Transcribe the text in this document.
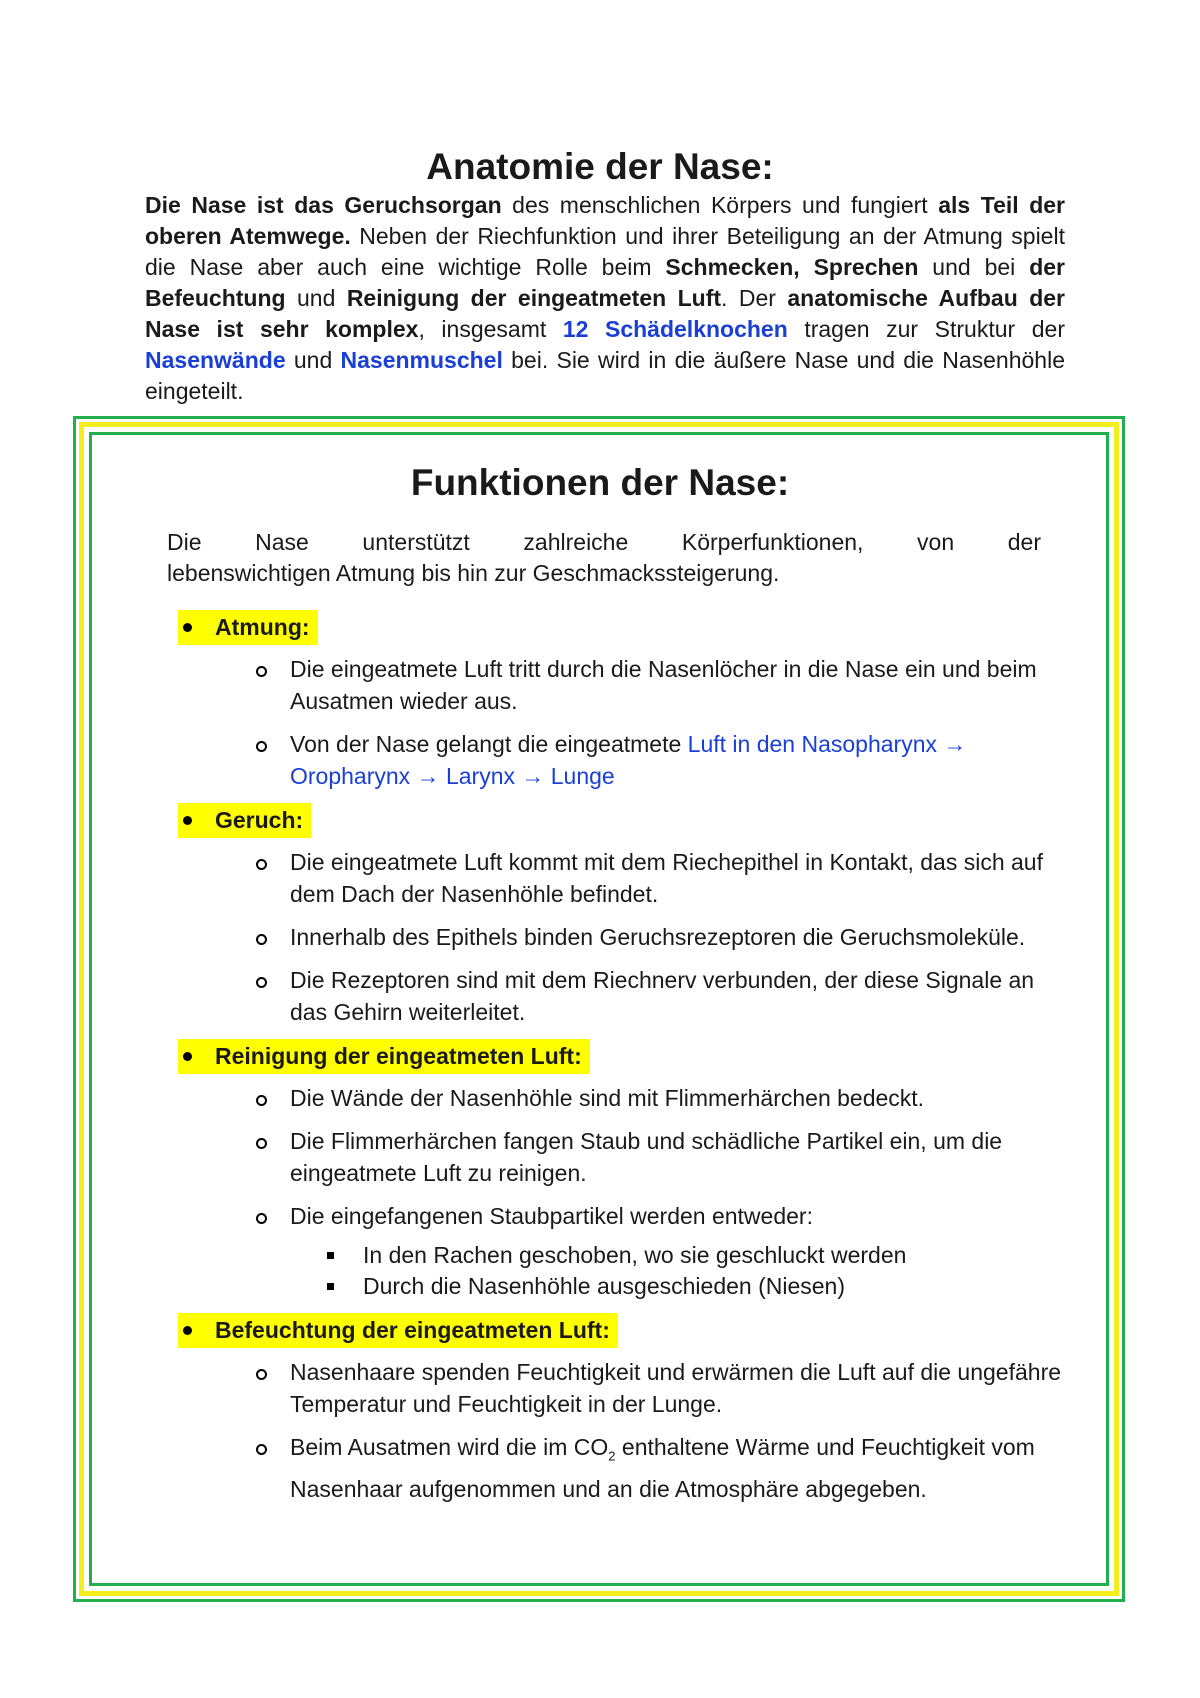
Anatomie der Nase:

Die Nase ist das Geruchsorgan des menschlichen Körpers und fungiert als Teil der oberen Atemwege. Neben der Riechfunktion und ihrer Beteiligung an der Atmung spielt die Nase aber auch eine wichtige Rolle beim Schmecken, Sprechen und bei der Befeuchtung und Reinigung der eingeatmeten Luft. Der anatomische Aufbau der Nase ist sehr komplex, insgesamt 12 Schädelknochen tragen zur Struktur der Nasenwände und Nasenmuschel bei. Sie wird in die äußere Nase und die Nasenhöhle eingeteilt.

Funktionen der Nase:

Die Nase unterstützt zahlreiche Körperfunktionen, von der
lebenswichtigen Atmung bis hin zur Geschmackssteigerung.

Atmung:
Die eingeatmete Luft tritt durch die Nasenlöcher in die Nase ein und beim Ausatmen wieder aus.
Von der Nase gelangt die eingeatmete Luft in den Nasopharynx → Oropharynx → Larynx → Lunge
Geruch:
Die eingeatmete Luft kommt mit dem Riechepithel in Kontakt, das sich auf dem Dach der Nasenhöhle befindet.
Innerhalb des Epithels binden Geruchsrezeptoren die Geruchsmoleküle.
Die Rezeptoren sind mit dem Riechnerv verbunden, der diese Signale an das Gehirn weiterleitet.
Reinigung der eingeatmeten Luft:
Die Wände der Nasenhöhle sind mit Flimmerhärchen bedeckt.
Die Flimmerhärchen fangen Staub und schädliche Partikel ein, um die eingeatmete Luft zu reinigen.
Die eingefangenen Staubpartikel werden entweder:
In den Rachen geschoben, wo sie geschluckt werden
Durch die Nasenhöhle ausgeschieden (Niesen)
Befeuchtung der eingeatmeten Luft:
Nasenhaare spenden Feuchtigkeit und erwärmen die Luft auf die ungefähre Temperatur und Feuchtigkeit in der Lunge.
Beim Ausatmen wird die im $CO_2$ enthaltene Wärme und Feuchtigkeit vom Nasenhaar aufgenommen und an die Atmosphäre abgegeben.
